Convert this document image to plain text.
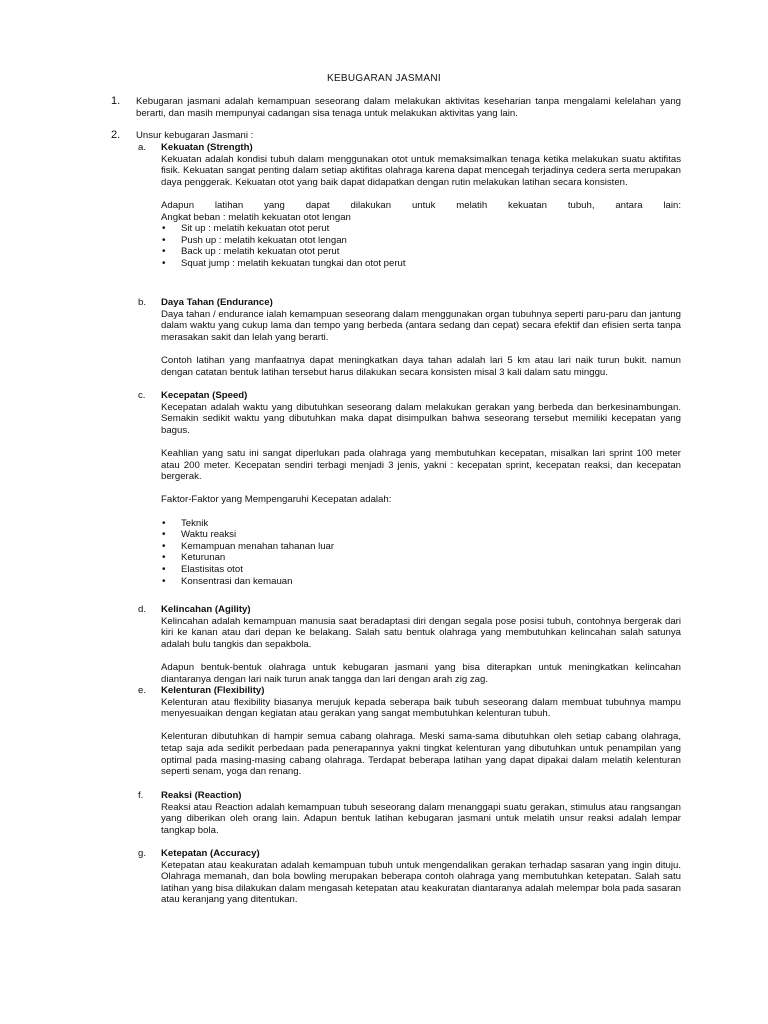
KEBUGARAN JASMANI
1. Kebugaran jasmani adalah kemampuan seseorang dalam melakukan aktivitas keseharian tanpa mengalami kelelahan yang berarti, dan masih mempunyai cadangan sisa tenaga untuk melakukan aktivitas yang lain.
2. Unsur kebugaran Jasmani :
a. Kekuatan (Strength)

Kekuatan adalah kondisi tubuh dalam menggunakan otot untuk memaksimalkan tenaga ketika melakukan suatu aktifitas fisik. Kekuatan sangat penting dalam setiap aktifitas olahraga karena dapat mencegah terjadinya cedera serta merupakan daya penggerak. Kekuatan otot yang baik dapat didapatkan dengan rutin melakukan latihan secara konsisten.

Adapun latihan yang dapat dilakukan untuk melatih kekuatan tubuh, antara lain:

Angkat beban : melatih kekuatan otot lengan

• Sit up : melatih kekuatan otot perut
• Push up : melatih kekuatan otot lengan
• Back up : melatih kekuatan otot perut
• Squat jump : melatih kekuatan tungkai dan otot perut
b. Daya Tahan (Endurance)

Daya tahan / endurance ialah kemampuan seseorang dalam menggunakan organ tubuhnya seperti paru-paru dan jantung dalam waktu yang cukup lama dan tempo yang berbeda (antara sedang dan cepat) secara efektif dan efisien serta tanpa merasakan sakit dan lelah yang berarti.

Contoh latihan yang manfaatnya dapat meningkatkan daya tahan adalah lari 5 km atau lari naik turun bukit. namun dengan catatan bentuk latihan tersebut harus dilakukan secara konsisten misal 3 kali dalam satu minggu.

c. Kecepatan (Speed)

Kecepatan adalah waktu yang dibutuhkan seseorang dalam melakukan gerakan yang berbeda dan berkesinambungan. Semakin sedikit waktu yang dibutuhkan maka dapat disimpulkan bahwa seseorang tersebut memiliki kecepatan yang bagus.

Keahlian yang satu ini sangat diperlukan pada olahraga yang membutuhkan kecepatan, misalkan lari sprint 100 meter atau 200 meter. Kecepatan sendiri terbagi menjadi 3 jenis, yakni : kecepatan sprint, kecepatan reaksi, dan kecepatan bergerak.

Faktor-Faktor yang Mempengaruhi Kecepatan adalah:

• Teknik
• Waktu reaksi
• Kemampuan menahan tahanan luar
• Keturunan
• Elastisitas otot
• Konsentrasi dan kemauan
d. Kelincahan (Agility)

Kelincahan adalah kemampuan manusia saat beradaptasi diri dengan segala pose posisi tubuh, contohnya bergerak dari kiri ke kanan atau dari depan ke belakang. Salah satu bentuk olahraga yang membutuhkan kelincahan salah satunya adalah bulu tangkis dan sepakbola.

Adapun bentuk-bentuk olahraga untuk kebugaran jasmani yang bisa diterapkan untuk meningkatkan kelincahan diantaranya dengan lari naik turun anak tangga dan lari dengan arah zig zag.

e. Kelenturan (Flexibility)

Kelenturan atau flexibility biasanya merujuk kepada seberapa baik tubuh seseorang dalam membuat tubuhnya mampu menyesuaikan dengan kegiatan atau gerakan yang sangat membutuhkan kelenturan tubuh.

Kelenturan dibutuhkan di hampir semua cabang olahraga. Meski sama-sama dibutuhkan oleh setiap cabang olahraga, tetap saja ada sedikit perbedaan pada penerapannya yakni tingkat kelenturan yang dibutuhkan untuk penampilan yang optimal pada masing-masing cabang olahraga. Terdapat beberapa latihan yang dapat dipakai dalam melatih kelenturan seperti senam, yoga dan renang.

f. Reaksi (Reaction)

Reaksi atau Reaction adalah kemampuan tubuh seseorang dalam menanggapi suatu gerakan, stimulus atau rangsangan yang diberikan oleh orang lain. Adapun bentuk latihan kebugaran jasmani untuk melatih unsur reaksi adalah lempar tangkap bola.

g. Ketepatan (Accuracy)

Ketepatan atau keakuratan adalah kemampuan tubuh untuk mengendalikan gerakan terhadap sasaran yang ingin dituju. Olahraga memanah, dan bola bowling merupakan beberapa contoh olahraga yang membutuhkan ketepatan. Salah satu latihan yang bisa dilakukan dalam mengasah ketepatan atau keakuratan diantaranya adalah melempar bola pada sasaran atau keranjang yang ditentukan.
